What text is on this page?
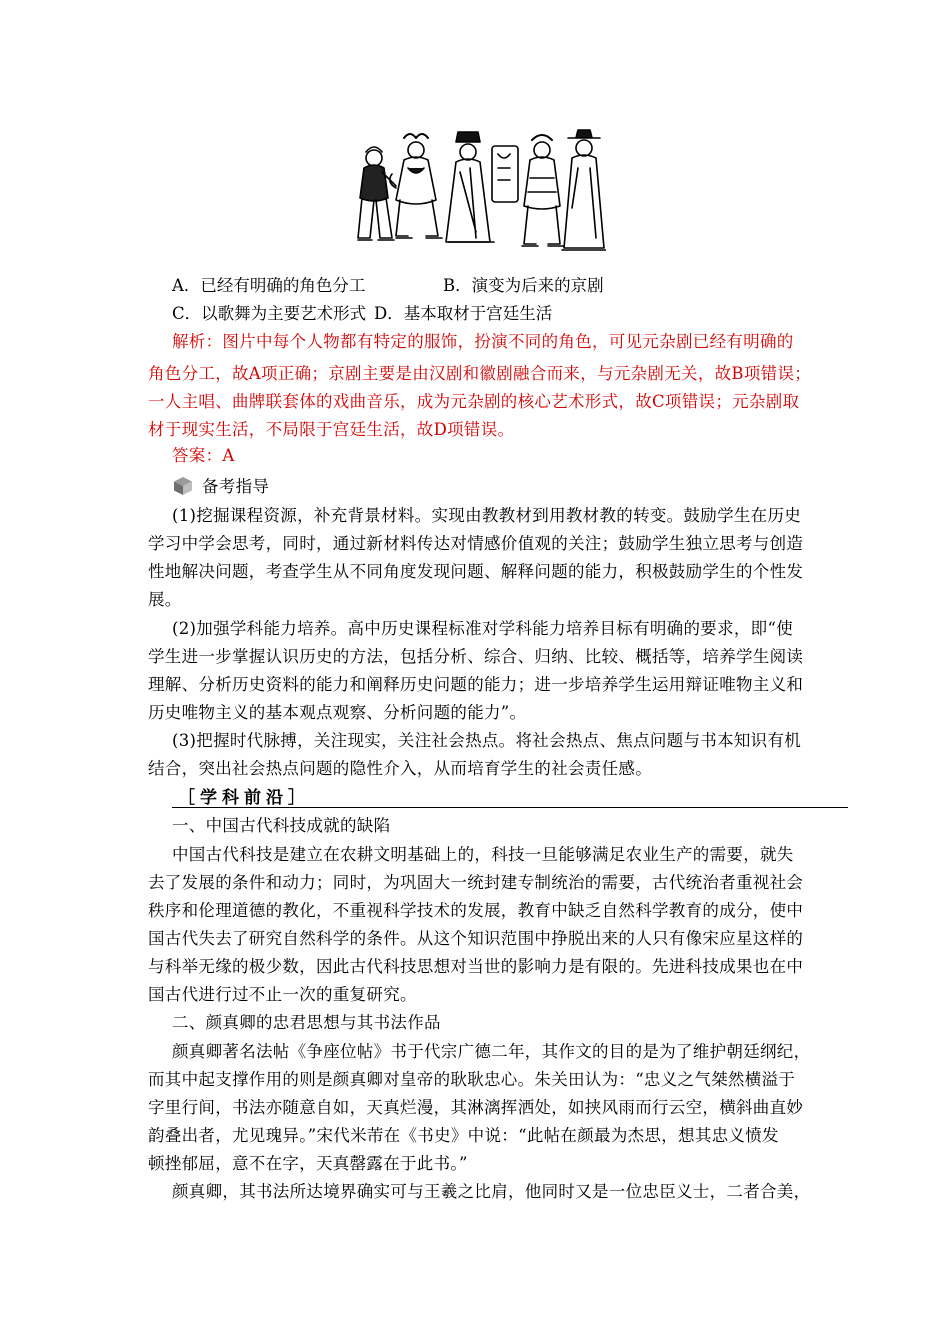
A．已经有明确的角色分工	B．演变为后来的京剧
C．以歌舞为主要艺术形式 D．基本取材于宫廷生活
解析：图片中每个人物都有特定的服饰，扮演不同的角色，可见元杂剧已经有明确的
角色分工，故A项正确；京剧主要是由汉剧和徽剧融合而来，与元杂剧无关，故B项错误；
一人主唱、曲牌联套体的戏曲音乐，成为元杂剧的核心艺术形式，故C项错误；元杂剧取
材于现实生活，不局限于宫廷生活，故D项错误。
答案：A
备考指导
(1)挖掘课程资源，补充背景材料。实现由教教材到用教材教的转变。鼓励学生在历史
学习中学会思考，同时，通过新材料传达对情感价值观的关注；鼓励学生独立思考与创造
性地解决问题，考查学生从不同角度发现问题、解释问题的能力，积极鼓励学生的个性发
展。
(2)加强学科能力培养。高中历史课程标准对学科能力培养目标有明确的要求，即“使
学生进一步掌握认识历史的方法，包括分析、综合、归纳、比较、概括等，培养学生阅读
理解、分析历史资料的能力和阐释历史问题的能力；进一步培养学生运用辩证唯物主义和
历史唯物主义的基本观点观察、分析问题的能力”。
(3)把握时代脉搏，关注现实，关注社会热点。将社会热点、焦点问题与书本知识有机
结合，突出社会热点问题的隐性介入，从而培育学生的社会责任感。
［学科前沿］
一、中国古代科技成就的缺陷
中国古代科技是建立在农耕文明基础上的，科技一旦能够满足农业生产的需要，就失
去了发展的条件和动力；同时，为巩固大一统封建专制统治的需要，古代统治者重视社会
秩序和伦理道德的教化，不重视科学技术的发展，教育中缺乏自然科学教育的成分，使中
国古代失去了研究自然科学的条件。从这个知识范围中挣脱出来的人只有像宋应星这样的
与科举无缘的极少数，因此古代科技思想对当世的影响力是有限的。先进科技成果也在中
国古代进行过不止一次的重复研究。
二、颜真卿的忠君思想与其书法作品
颜真卿著名法帖《争座位帖》书于代宗广德二年，其作文的目的是为了维护朝廷纲纪，
而其中起支撑作用的则是颜真卿对皇帝的耿耿忠心。朱关田认为：“忠义之气桀然横溢于
字里行间，书法亦随意自如，天真烂漫，其淋漓挥洒处，如挟风雨而行云空，横斜曲直妙
韵叠出者，尤见瑰异。”宋代米芾在《书史》中说：“此帖在颜最为杰思，想其忠义愤发
顿挫郁屈，意不在字，天真罄露在于此书。”
颜真卿，其书法所达境界确实可与王羲之比肩，他同时又是一位忠臣义士，二者合美，
